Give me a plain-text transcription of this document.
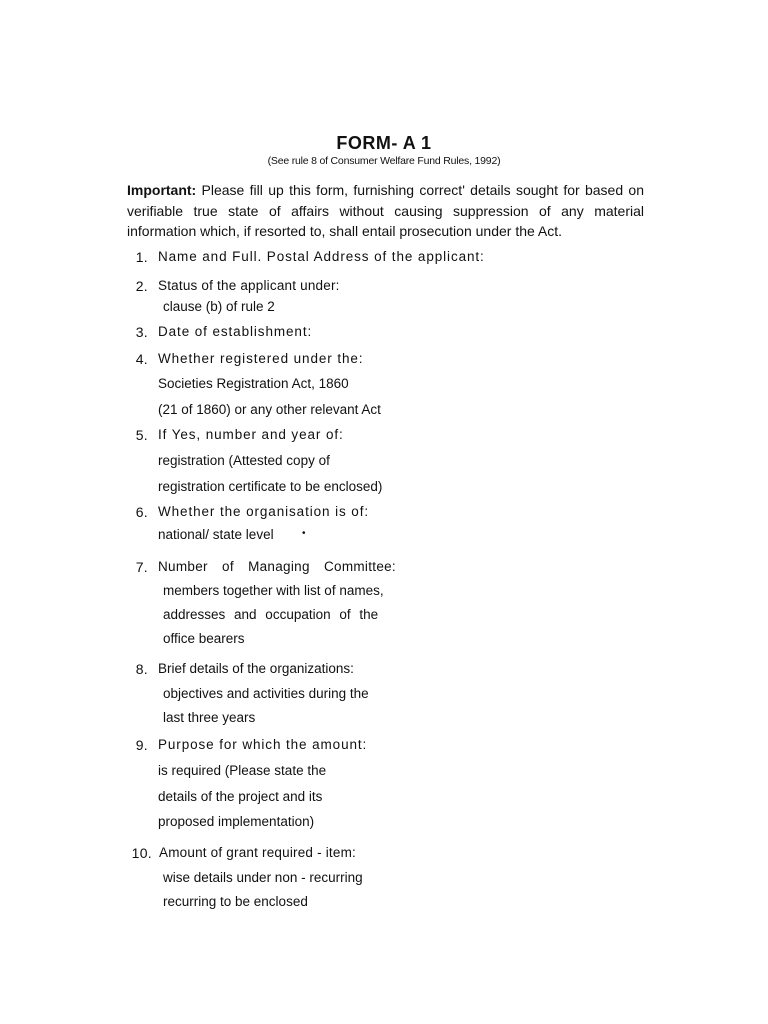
FORM- A 1
(See rule 8 of Consumer Welfare Fund Rules, 1992)
Important: Please fill up this form, furnishing correct' details sought for based on verifiable true state of affairs without causing suppression of any material information which, if resorted to, shall entail prosecution under the Act.
1. Name and Full. Postal Address of the applicant:
2. Status of the applicant under:
clause (b) of rule 2
3. Date of establishment:
4. Whether registered under the:
Societies Registration Act, 1860
(21 of 1860) or any other relevant Act
5. If Yes, number and year of:
registration (Attested copy of
registration certificate to be enclosed)
6. Whether the organisation is of:
national/ state level	•
7. Number of Managing Committee:
members together with list of names,
addresses and occupation of the
office bearers
8. Brief details of the organizations:
objectives and activities during the
last three years
9. Purpose for which the amount:
is required (Please state the
details of the project and its
proposed implementation)
10. Amount of grant required - item:
wise details under non - recurring
recurring to be enclosed
